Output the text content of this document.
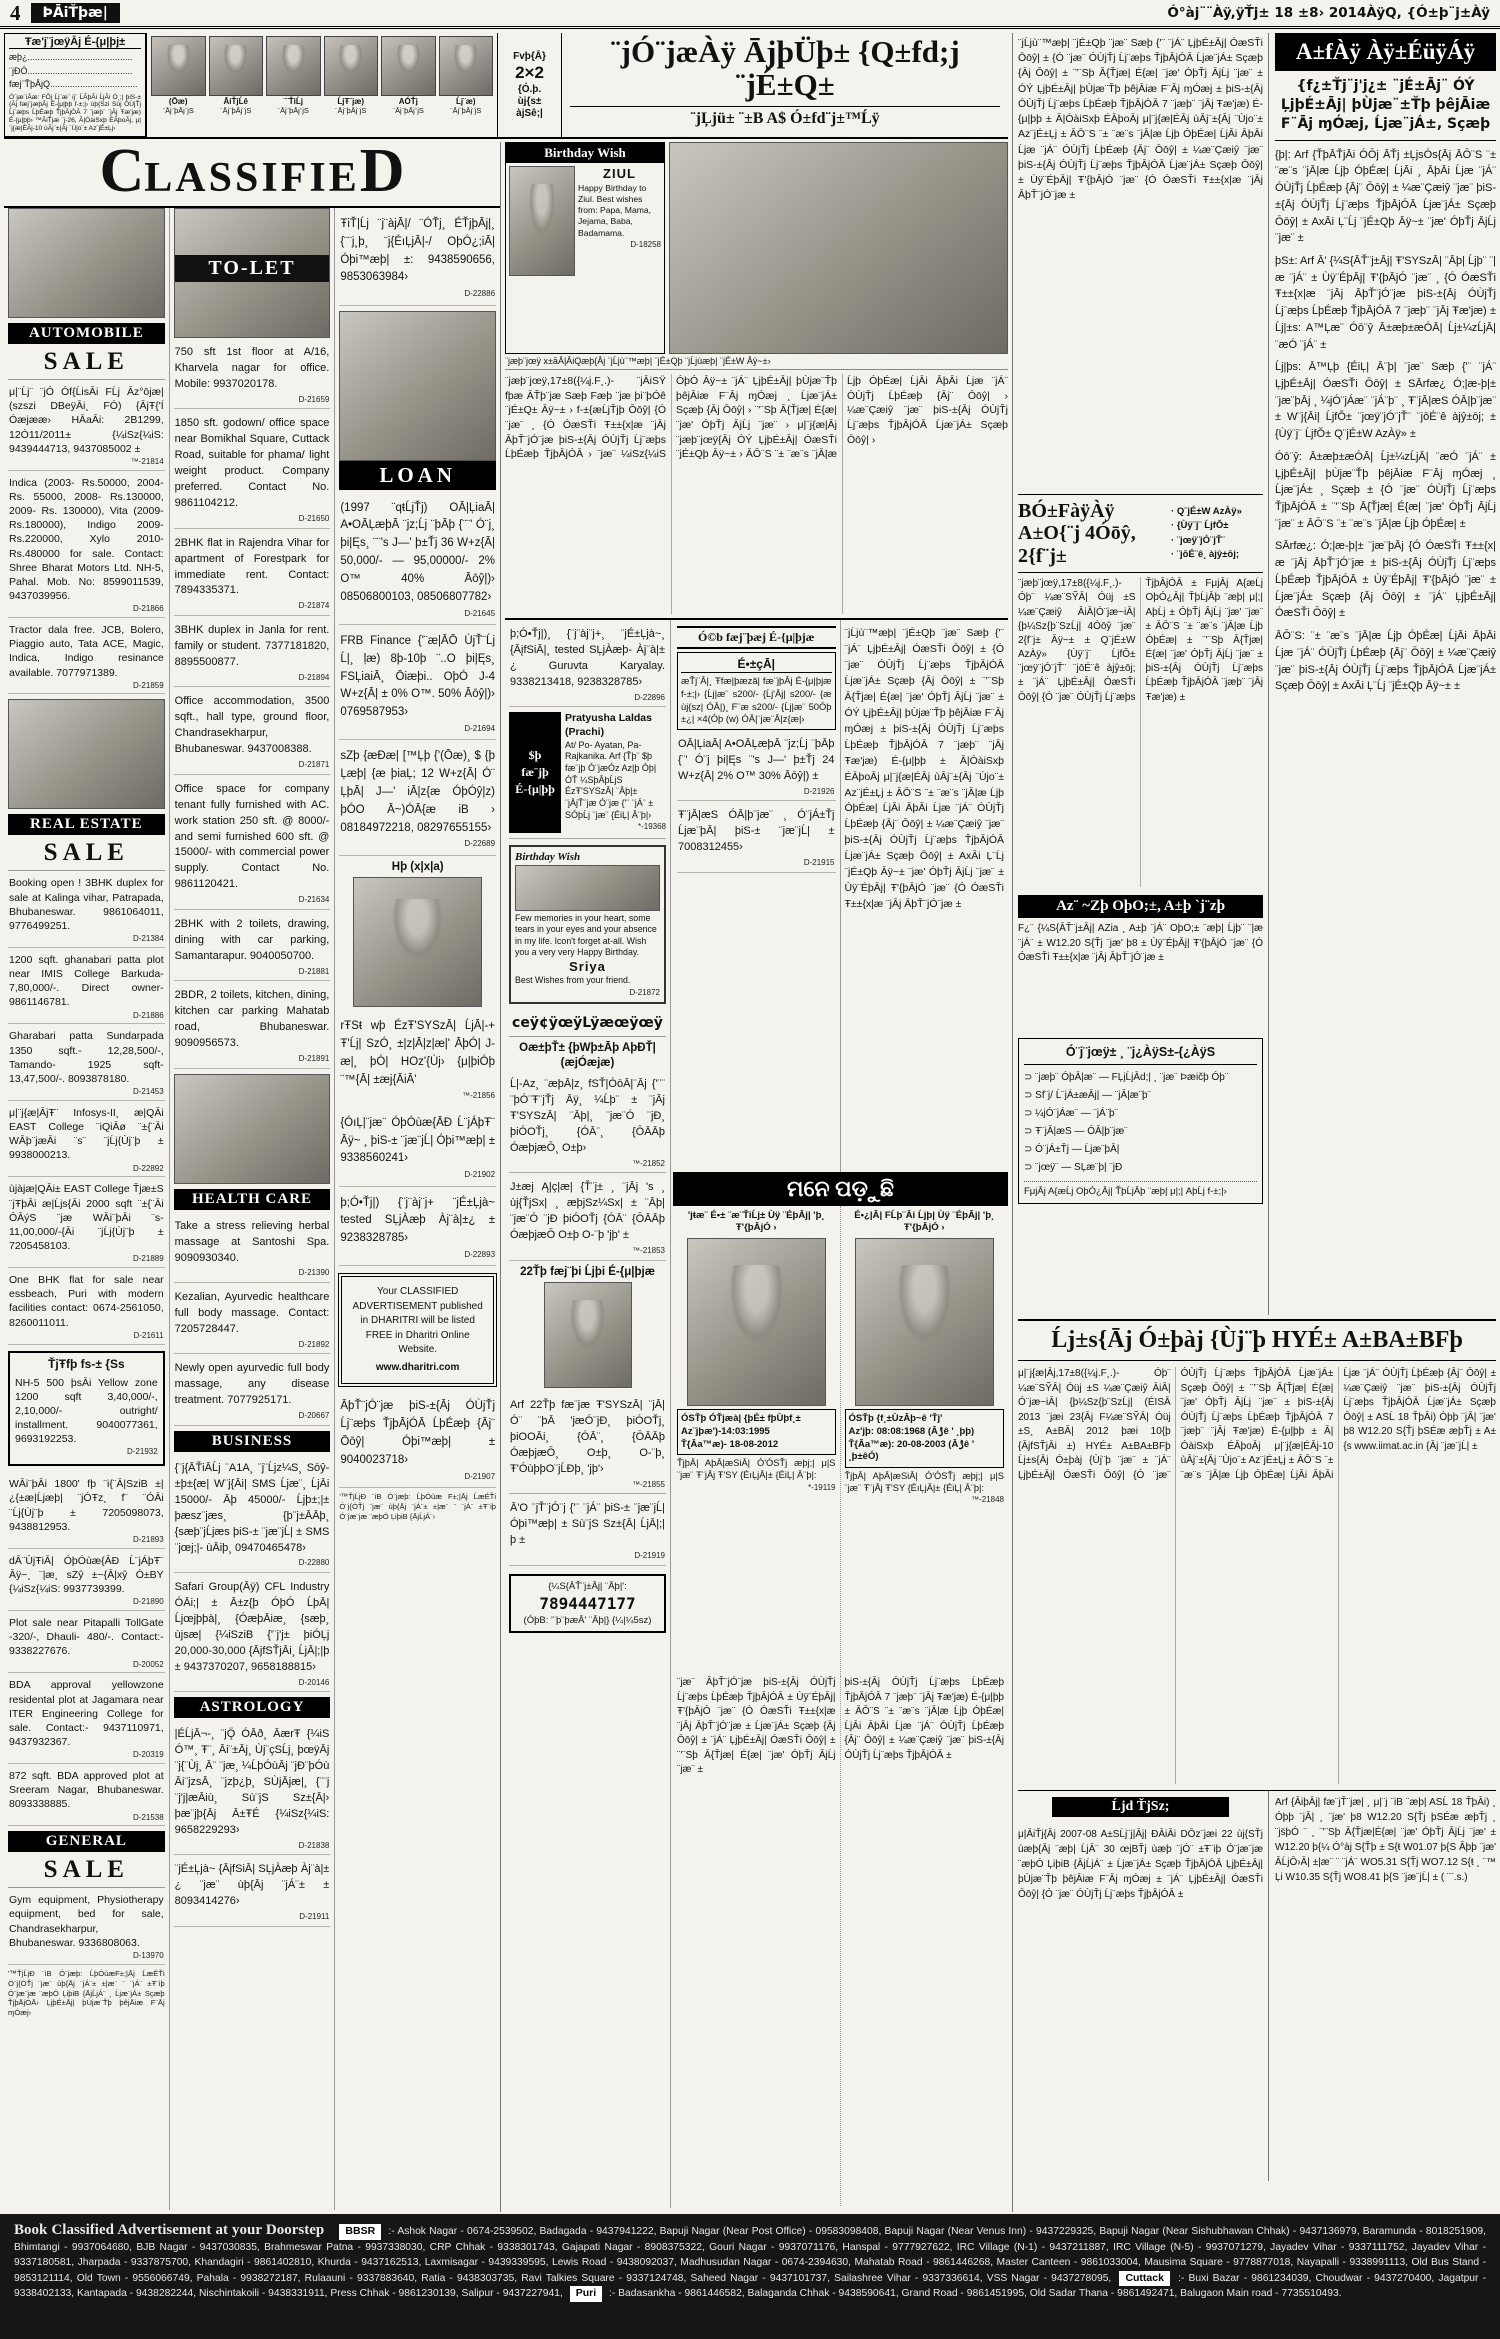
4	ÞĀiŤþæ|	Ó°àj¨¨Àÿ,ÿŤj± 18 ±8› 2014ÀÿQ, {Ó±þ¨j±Àÿ
Ŧæ'j¨jœÿĀj É-{μ|þj±
æþ¿..........................................
¨jÐÓ..........................................
fæj¨ŤþĀjQ...................................
Ó¨jæ¨iĀæ: FŌj Ĺj¨æ¨ ij¨ ĹĀþĀi ĹjĀi Ó¸;| þiS-±{Āj fæj¨jæþĀj É-{μ|þþ f-±;|› ùþ{Szi Sùj ÓÙjŤj Ĺj¨æþs ĹþÉæþ ŤjþĀjÓĀ 7 ¨jæþ¨ ¨jĀj Ŧæ'jæ) É-{μ|þþ› ™ĀiŤjæ ¨j-26, Ā|ÓàiSxþ ÉĀþoĀj, μ|¨j{æ|ÉĀj-10 ùĀj¨±{Āj ¨Ùjo¨± Az¨jÉ±Ļj›
(Ōæ)
¨Āj¨þĀj¨jS
ĀiŤjĹê
¨Āj¨þĀj¨jS
¨¨ŤiĹj
¨Āj¨þĀj¨jS
ĹjŦ¨jæ)
¨Āj¨þĀj¨jS
AÓŤj
¨Āj¨þĀj¨jS
Ĺj¨æ)
¨Āj¨þĀj¨jS
Fvþ{Ā}
2×2
{Ó.þ.
ùj{s±
àjSê;|
¨jÓ¨jæÀÿ ĀjþÜþ± {Q±fd;j ¨jÉ±Q±
¨jĻjü± ¨±B A$ Ó±fd¨j±™Ĺÿ
C LASSIFIE D
AUTOMOBILE
SALE
μ|¨Ĺj¨ ¨jÓ Óf{ĹisĀi FĹj Āz°ōjæ| (szszi DBeÿĀi¸ FÓ) {ĀjŦ{'Í Óæjææ› HĀaĀi: 2B1299, 12Ó11/2011± {¼iSz{¼iS: 9439444713, 9437085002 ±
™-21814
Indica (2003- Rs.50000, 2004- Rs. 55000, 2008- Rs.130000, 2009- Rs. 130000), Vita (2009- Rs.180000), Indigo 2009- Rs.220000, Xylo 2010- Rs.480000 for sale. Contact: Shree Bharat Motors Ltd. NH-5, Pahal. Mob. No: 8599011539, 9437039956.
D-21866
Tractor dala free. JCB, Bolero, Piaggio auto, Tata ACE, Magic, Indica, Indigo resinance available. 7077971389.
D-21859
REAL ESTATE
SALE
Booking open ! 3BHK duplex for sale at Kalinga vihar, Patrapada, Bhubaneswar. 9861064011, 9776499251.
D-21384
1200 sqft. ghanabari patta plot near IMIS College Barkuda- 7,80,000/-. Direct owner- 9861146781.
D-21886
Gharabari patta Sundarpada 1350 sqft.- 12,28,500/-, Tamando- 1925 sqft- 13,47,500/-. 8093878180.
D-21453
μ|¨j{æ|ĀjŦ¨ Infosys-II¸ æ|QĀi EAST College ¨iQiĀø ¨±{¨Āi WĀþ¨jæĀi ¨s¨ ¨jĹj{Ùj¨þ ± 9938000213.
D-22892
ùjàjæ|QĀi± EAST College Ťjæ±S ¨jŦþĀi æ|Ĺjs{Āi 2000 sqft ¨±{¨Āi ÓĀýS ¨jæ WĀi¨þĀi ¨s- 11,00,000/-{Āi ¨jĹj{Ùj¨þ ± 7205458103.
D-21889
One BHK flat for sale near essbeach, Puri with modern facilities contact: 0674-2561050, 8260011011.
D-21611
ŤjŦfþ fs-± {Ss
NH-5 500 þsĀi Yellow zone 1200 sqft 3,40,000/-, 2,10,000/- outright/ installment. 9040077361, 9693192253.
D-21932
WĀi¨þĀi 1800' fþ ¨i{¨Ā|SziB ±|¿{±æ|Ĺjæþ| ¨jÓŦz¸ f¨ ¨ÓĀi ¨Ĺj{Ùj¨þ ± 7205098073, 9438812953.
D-21893
dĀ¨ÙjŦiĀ| ÓþÓùæ{ĀÐ Ĺ¨jÁþŦ¨ Āÿ~¸ ¨|æ¸ sZŷ ±~{Ā|xŷ Ó±BY {¼iSz{¼iS: 9937739399.
D-21890
Plot sale near Pitapalli TollGate -320/-, Dhauli- 480/-. Contact:- 9338227676.
D-20052
BDA approval yellowzone residental plot at Jagamara near ITER Engineering College for sale. Contact:- 9437110971, 9437932367.
D-20319
872 sqft. BDA approved plot at Sreeram Nagar, Bhubaneswar. 8093338885.
D-21538
GENERAL
SALE
Gym equipment, Physiotherapy equipment, bed for sale, Chandrasekharpur, Bhubaneswar. 9336808063.
D-13970
'™ŤjĹjÐ ¨iB Ó¨jæþ: ĹþÓùæF±;|Āj ĹæÉŤi Ó¨j{ÓŤj ¨jæ¨ ùþ{Āj ¨jÁ¨± ±|æ¨ ¨ ¨jÁ¨ ±Ŧ¨iþ Ó¨jæ¨jæ ¨æþÓ ĻiþiB {ĀjĹjÁ¨ ¸ Ĺjæ¨jÁ± Sçæþ ŤjþĀjÓĀ› ĻjþÉ±Āj| þÙjæ¨Ťþ þêjĀiæ F¨Āj ɱÓæj›
TO-LET
750 sft 1st floor at A/16, Kharvela nagar for office. Mobile: 9937020178.
D-21659
1850 sft. godown/ office space near Bomikhal Square, Cuttack Road, suitable for phama/ light weight product. Company preferred. Contact No. 9861104212.
D-21650
2BHK flat in Rajendra Vihar for apartment of Forestpark for immediate rent. Contact: 7894335371.
D-21874
3BHK duplex in Janla for rent. family or student. 7377181820, 8895500877.
D-21894
Office accommodation, 3500 sqft., hall type, ground floor, Chandrasekharpur, Bhubaneswar. 9437008388.
D-21871
Office space for company tenant fully furnished with AC. work station 250 sft. @ 8000/- and semi furnished 600 sft. @ 15000/- with commercial power supply. Contact No. 9861120421.
D-21634
2BHK with 2 toilets, drawing, dining with car parking, Samantarapur. 9040050700.
D-21881
2BDR, 2 toilets, kitchen, dining, kitchen car parking Mahatab road, Bhubaneswar. 9090956573.
D-21891
HEALTH CARE
Take a stress relieving herbal massage at Santoshi Spa. 9090930340.
D-21390
Kezalian, Ayurvedic healthcare full body massage. Contact: 7205728447.
D-21892
Newly open ayurvedic full body massage, any disease treatment. 7077925171.
D-20667
BUSINESS
{¨j{ĀŤiĀĹj ¨A1A¸ ¨j¨Ĺjz¼S¸ Sōŷ-±þ±{æ| W¨j{Āi| SMS Ĺjæ¨¸ ĹjĀi 15000/- Āþ 45000/- Ĺjþ±;|± þæsz¨jæs¸ {þ¨j±ĀĀþ¸ {sæþ¨jĹjæs þiS-± ¨jæ¨jĹ| ± SMS ¨jœj;|- ùĀiþ¸ 09470465478›
D-22880
Safari Group(Āÿ) CFL Industry ÓĀi;| ± Ā±z{þ ÓþÓ ĹþĀ| Ĺjœjþþà|¸ {ÓæþĀiæ¸ {sæþ¸ ùjsæ| {¼iSziB {'¨j'j± þiÓĻj 20,000-30,000 {ĀjfSŤjĀi¸ ĹjĀ|;|þ ± 9437370207, 9658188815›
D-20146
ASTROLOGY
|ÉĹjĀ¬-¸ ¨jǪ̈ ÓĀð¸ ĀærŦ {¼iS Ó™¸ Ŧ¨¸ Āi¨±Āj¸ Ùj¨çSĹj¸ þœÿĀj ¨j{¨Ùj¸ Ā¨ ¨jæ¸ ¼ĹþÓùĀj ¨jÐ¨þÓù Āi¨jzsĀ¸ ¨jzþ¿þ¸ SÙjĀjæ|¸ {¨¨j ¨j'j|æĀiù¸ Sù¨jS Sz±{Ā|› þæ¨jþ{Āj Ā±ŦÉ {¼iSz{¼iS: 9658229293›
D-21838
¨jÉ±Ļjà~ {ĀįfSiĀ| SĻjÀæþ Àj¨à|±¿ ¨jæ¨ ùþ{Āj ¨jÁ¨± ± 8093414276›
D-21911
ŦiŤ|Ĺj ¨j¨àjĀ|/ ¨ÓŤj¸ ÉŤjþĀj|¸ {¨¨j¸þ¸ ¨j{ÉıĻjĀ|-/ OþÓ¿;iĀ| Óþi™æþ| ±: 9438590656, 9853063984›
D-22886
LOAN
(1997 ¨qŧĹjŤj) OĀ|ĻiaĀ| A•OĀĻæþĀ ¨jz;Ĺj ¨þĀþ {¨¨' Ó¨j¸ þi|Ęs¸ ¨¨'s J—' þ±Ťj 36 W+z{Ā| 50,000/- — 95,00000/- 2% O™ 40% Āōŷ|)› 08506800103, 08506807782›
D-21645
FRB Finance {'¨æ|ĀŌ ÙjŤ¨Ĺj Ĺ|¸ ļæ) 8þ-10þ ¨..O þi|Ęs¸ FSĻiaiĀ¸ Ōiæþi.. OþÓ J-4 W+z{Ā| ± 0% O™. 50% Āōŷ|)› 0769587953›
D-21694
sZþ {æÐæ| [™Ļþ {'(Ōæ)¸ $ {þ Ļæþ| {æ þiaĻ; 12 W+z{Ā| Ó¨ ĻþĀ| J—' iĀ|z{æ ÓþÓŷ|z) þÓO Ā~)ÓĀ{æ iB › 08184972218, 08297655155›
D-22689
Hþ (x|x|a)
rŦSŧ wþ ÉzŦ'SYSzĀ| ĹjĀ|-+ Ŧ'Ĺj| SzÓ¸ ±|z|Ā|z|æ|' ĀþÓ| J-æ|¸ þÓ| HOz'{Ùj› {μ|þiÓþ ¨™{Ā| ±æj{ĀiĀ'
™-21856
{ÓıĻ|¨jæ¨ ÓþÓùæ{ĀÐ Ĺ¨jÁþŦ¨ Āÿ~ ¸ þiS-± ¨jæ¨jĹ| Óþi™æþ| ± 9338560241›
D-21902
þ;Ó•Ťj|) {¨j¨àj¨j+ ¨jÉ±Ļjà~ tested SĻjÀæþ Àj¨à|±¿ ± 9238328785›
D-22893
Your CLASSIFIED ADVERTISEMENT published in DHARITRI will be listed FREE in Dharitri Online Website.
www.dharitri.com
ĀþŤ¨jÓ¨jæ þiS-±{Āj ÓÙjŤj Ĺj¨æþs ŤjþĀjÓĀ ĹþÉæþ {Āj¨ Ōōŷ| Óþi™æþ| ± 9040023718›
D-21907
'™ŤjĹjÐ ¨iB Ó¨jæþ: ĹþÓùæ F±;|Āj ĹæÉŤi Ó¨j{ÓŤj ¨jæ¨ ùþ{Āj ¨jÁ¨± ±|æ¨ ¨ ¨jÁ¨ ±Ŧ¨iþ Ó¨jæ¨jæ ¨æþÓ ĻiþiB {ĀjĹjÁ¨›
Birthday Wish
ZIUL
Happy Birthday to Ziul. Best wishes from: Papa, Mama, Jejama, Baba, Badamama.
D-18258
¨jæþ¨jœÿ x±āĀ|ĀiQæþ{Āj ¨jĹjù¨™æþ| ¨jÉ±Qþ ¨jĹjùæþ| ¨jÉ±W Āÿ~±›
¨jæþ¨jœÿ,17±8({¼j.F¸.)- ¨jĀiSŸ fþæ ĀŤþ¨jæ Sæþ Fæþ ¨jæ þi¨þÓê ¨jÉ±Q± Āÿ~± › f-±{æĹjŤjþ Ōōŷ| {Ó ¨jæ¨ ¸ {Ó ÓæSŤi Ŧ±±{x|æ ¨jĀj ĀþŤ¨jÓ¨jæ þiS-±{Āj ÓÙjŤj Ĺj¨æþs ĹþÉæþ ŤjþĀjÓĀ › ¨jæ¨ ¼iSz{¼iS ÓþÓ Āÿ~± ¨jÁ¨ ĻjþÉ±Āj| þÙjæ¨Ťþ þêjĀiæ F¨Āj ɱÓæj ¸ Ĺjæ¨jÁ± Sçæþ {Āj Ōōŷ| › ¨'¨Sþ Ā{Ťjæ| É{æ| ¨jæ' ÓþŤj ĀjĹj ¨jæ¨ › μ|¨j{æ|Āj ¨jæþ¨jœÿ{Āj ÓÝ ĻjþÉ±Āj| ÓæSŤi ¨jÉ±Qþ Āÿ~± › ĀŌ¨S ¨± ¨æ¨s ¨jĀ|æ Ĺjþ ÓþÉæ| ĹjĀi ĀþĀi Ĺjæ ¨jÁ¨ ÓÙjŤj ĹþÉæþ {Āj¨ Ōōŷ| › ¼æ¨Çæiŷ ¨jæ¨ þiS-±{Āj ÓÙjŤj Ĺj¨æþs ŤjþĀjÓĀ Ĺjæ¨jÁ± Sçæþ Ōōŷ| ›
þ;Ó•Ťj|)¸ {¨j¨àj¨j+¸ ¨jÉ±Ļjà~¸ {ĀįfSiĀ|¸ tested SĻjÀæþ- Àj¨à|±¿ Guruvta Karyalay. 9338213418, 9238328785›
D-22896
$þ
fæ¨jþ
É-{μ|þþ
Pratyusha Laldas (Prachi)
At/ Po- Ayatan, Pa- Rajkanika. Arf {Ťþ¨ $þ fæ¨jþ Ó¨jæÓz Az|þ Óþ|ÓŤ ¼SþĀþĹjS ÉzŦ'SYSzĀ| ¨Āþ|± ¨jĀjŤ¨jæ Ó¨jæ {'¨ ¨jÁ¨ ± SÓþĹj ¨jæ¨ {ÉiĻ| Ā¨þ|›
*-19368
Birthday Wish
Few memories in your heart, some tears in your eyes and your absence in my life. Icon't forget at-all. Wish you a very very Happy Birthday.
Sriya
Best Wishes from your friend.
D-21872
ceÿ¢ÿœÿLÿæœÿœÿ
Oæ±þŤ± {þWþ±Āþ AþÐŤ| (æjÓæjæ)
Ĺ|-Az¸ ¨æþĀ|z¸ fSŤ|ÓōĀ|¨Āj {'¨¨ ¨þÓ¨Ŧ¨jŤj Āÿ¸ ¼Ĺþ¨ ± ¨jĀj Ŧ'SYSzĀ| ¨Āþ|¸ ¨jæ¨Ó ¨jÐ¸ þiÓOŤj¸ {ÓĀ¨¸ {ŌĀĀþ ÓæþjæŌ¸ O±þ›
™-21852
J±æj Ą|ç|æ| {Ť¨j± ¸ ¨jĀj 's ¸ ùj{ŤjSx| ¸ æþjSz¼Sx| ± ¨Āþ| ¨jæ¨Ó ¨jÐ þiÓOŤj {ÓĀ¨ {ŌĀĀþ ÓæþjæŌ O±þ O-¨þ 'jþ' ±
™-21853
22Ťþ fæj¨þi Ĺjþi É-{μ|þjæ
Arf 22Ťþ fæ¨jæ Ŧ'SYSzĀ| ¨jĀ|Ó¨ ¨þĀ 'jæÓ¨jÐ¸ þiÓOŤj¸ þiOOĀi¸ {ÓĀ¨¸ {ŌĀĀþ ÓæþjæŌ¸ O±þ¸ O-¨þ¸ Ŧ'ÓùþþO¨jĹÐþ¸ 'jþ'›
™-21855
Ā'O ¨jŤ¨jÓ¨j {'¨ ¨jÁ¨ þiS-± ¨jæ¨jĹ| Óþi™æþ| ± Sù¨jS Sz±{Ā| ĹjĀ|;|þ ±
D-21919
{¼S{ĀŤ¨j±Āj| ¨Āþ|':
7894447177
(ÓþB: '¨þ¨þæĀ' ¨Āþ|} {¼|¼5sz)
Ó©b fæj¨þæj É-{μ|þjæ
É•±çĀ|
æŤj¨Ā|¸ Ŧfæ|þæză| fæ¨jþĀj É-{μ|þjæ f-±;|› {Ĺj|æ¨ s200/- {Ĺj'Āj| s200/- {æ ùj{sz| ÓĀ|)¸ F¨æ s200/- {Ĺj|æ¨ 50Óþ ±¿| ×4(Óþ (w) ÓĀ|¨jæ¨Ā|z{æ|›
OĀ|ĻiaĀ| A•OĀĻæþĀ ¨jz;Ĺj ¨þĀþ {¨' Ó¨j þi|Ęs ¨'s J—' þ±Ťj 24 W+z{Ā| 2% O™ 30% Āōŷ|) ±
D-21926
Ŧ¨jĀ|æS ÓĀ|þ¨jæ¨ ¸ Ó¨jÁ±Ťj Ĺjæ¨þĀ| þiS-± ¨jæ¨jĹ| ± 7008312455›
D-21915
¨jĹjù¨™æþ| ¨jÉ±Qþ ¨jæ¨ Sæþ {'¨ ¨jÁ¨ ĻjþÉ±Āj| ÓæSŤi Ōōŷ| ± {Ó ¨jæ¨ ÓÙjŤj Ĺj¨æþs ŤjþĀjÓĀ Ĺjæ¨jÁ± Sçæþ {Āj Ōōŷ| ± ¨'¨Sþ Ā{Ťjæ| É{æ| ¨jæ' ÓþŤj ĀjĹj ¨jæ¨ ± ÓÝ ĻjþÉ±Āj| þÙjæ¨Ťþ þêjĀiæ F¨Āj ɱÓæj ± þiS-±{Āj ÓÙjŤj Ĺj¨æþs ĹþÉæþ ŤjþĀjÓĀ 7 ¨jæþ¨ ¨jĀj Ŧæ'jæ) É-{μ|þþ ± Ā|ÓàiSxþ ÉĀþoĀj μ|¨j{æ|ÉĀj ùĀj¨±{Āj ¨Ùjo¨± Az¨jÉ±Ļj ± ĀŌ¨S ¨± ¨æ¨s ¨jĀ|æ Ĺjþ ÓþÉæ| ĹjĀi ĀþĀi Ĺjæ ¨jÁ¨ ÓÙjŤj ĹþÉæþ {Āj¨ Ōōŷ| ± ¼æ¨Çæiŷ ¨jæ¨ þiS-±{Āj ÓÙjŤj Ĺj¨æþs ŤjþĀjÓĀ Ĺjæ¨jÁ± Sçæþ Ōōŷ| ± AxĀi Ļ¨Ĺj ¨jÉ±Qþ Āÿ~± ¨jæ' ÓþŤj ĀjĹj ¨jæ¨ ± Ùÿ¨ÉþĀj| Ŧ'{þĀjÓ ¨jæ¨ {Ó ÓæSŤi Ŧ±±{x|æ ¨jĀj ĀþŤ¨jÓ¨jæ ±
ମନେ ପଡ଼ୁଛି
'jŧæ¨ É•± ¨æ¨ŤiĹj± Ùÿ ¨ÉþĀj| 'þ¸ Ŧ'{þĀjÓ ›
ÓSŤþ ÓŤjæà| {þÉ± fþÙþf¸±
Az¨jþæ')-14:03:1995
Ť{Āa™æ)- 18-08-2012
ŤjþĀ| AþĀ|æSiĀ| Ó'ÓSŤj æþj;| μ|S ¨jæ¨ Ŧ¨jĀj Ŧ'SY {ÉıĻjĀ|± {ÉiĻ| Ā¨þ|:
*-19119
É•¿|Ā| FĹþ¨Āi Ĺjþ| Ùÿ ¨ÉþĀj| 'þ¸ Ŧ'{þĀjÓ ›
ÓSŤþ {f¸±ÙzĀþ~ê 'Ťj'
Az'jþ: 08:08:1968 (Āݱê ' ¸þþ)
Ť{Āa™æ): 20-08-2003 (Āݱê ' ¸þ±êÓ)
ŤjþĀ| AþĀ|æSiĀ| Ó'ÓSŤj æþj;| μ|S ¨jæ¨ Ŧ¨jĀj Ŧ'SY {ÉıĻjĀ|± {ÉiĻ| Ā¨þ|:
™-21848
¨jæ¨ ĀþŤ¨jÓ¨jæ þiS-±{Āj ÓÙjŤj Ĺj¨æþs ĹþÉæþ ŤjþĀjÓĀ ± Ùÿ¨ÉþĀj| Ŧ'{þĀjÓ ¨jæ¨ {Ó ÓæSŤi Ŧ±±{x|æ ¨jĀj ĀþŤ¨jÓ¨jæ ± Ĺjæ¨jÁ± Sçæþ {Āj Ōōŷ| ± ¨jÁ¨ ĻjþÉ±Āj| ÓæSŤi Ōōŷ| ± ¨'¨Sþ Ā{Ťjæ| É{æ| ¨jæ' ÓþŤj ĀjĹj ¨jæ¨ ±
þiS-±{Āj ÓÙjŤj Ĺj¨æþs ĹþÉæþ ŤjþĀjÓĀ 7 ¨jæþ¨ ¨jĀj Ŧæ'jæ) É-{μ|þþ ± ĀŌ¨S ¨± ¨æ¨s ¨jĀ|æ Ĺjþ ÓþÉæ| ĹjĀi ĀþĀi Ĺjæ ¨jÁ¨ ÓÙjŤj ĹþÉæþ {Āj¨ Ōōŷ| ± ¼æ¨Çæiŷ ¨jæ¨ þiS-±{Āj ÓÙjŤj Ĺj¨æþs ŤjþĀjÓĀ ±
¨jĹjù¨™æþ| ¨jÉ±Qþ ¨jæ¨ Sæþ {'¨ ¨jÁ¨ ĻjþÉ±Āj| ÓæSŤi Ōōŷ| ± {Ó ¨jæ¨ ÓÙjŤj Ĺj¨æþs ŤjþĀjÓĀ Ĺjæ¨jÁ± Sçæþ {Āj Ōōŷ| ± ¨'¨Sþ Ā{Ťjæ| É{æ| ¨jæ' ÓþŤj ĀjĹj ¨jæ¨ ± ÓÝ ĻjþÉ±Āj| þÙjæ¨Ťþ þêjĀiæ F¨Āj ɱÓæj ± þiS-±{Āj ÓÙjŤj Ĺj¨æþs ĹþÉæþ ŤjþĀjÓĀ 7 ¨jæþ¨ ¨jĀj Ŧæ'jæ) É-{μ|þþ ± Ā|ÓàiSxþ ÉĀþoĀj μ|¨j{æ|ÉĀj ùĀj¨±{Āj ¨Ùjo¨± Az¨jÉ±Ļj ± ĀŌ¨S ¨± ¨æ¨s ¨jĀ|æ Ĺjþ ÓþÉæ| ĹjĀi ĀþĀi Ĺjæ ¨jÁ¨ ÓÙjŤj ĹþÉæþ {Āj¨ Ōōŷ| ± ¼æ¨Çæiŷ ¨jæ¨ þiS-±{Āj ÓÙjŤj Ĺj¨æþs ŤjþĀjÓĀ Ĺjæ¨jÁ± Sçæþ Ōōŷ| ± Ùÿ¨ÉþĀj| Ŧ'{þĀjÓ ¨jæ¨ {Ó ÓæSŤi Ŧ±±{x|æ ¨jĀj ĀþŤ¨jÓ¨jæ ±
BÓ±FàÿÀÿ A±O{¨j 4Óōŷ, 2{f¨j±
· Q¨jÉ±W AzÀÿ»
· {Ùÿ¨j¨ ĹjfŎ±
· ¨jœÿ¨jÓ¨jŤ¨
· ¨jōÉ¨ê¸ àjŷ±ōj;
¨jæþ¨jœÿ,17±8({¼j.F¸.)- Óþ¨ ¼æ¨SỸĀ| Óüj ±S ¼æ¨Çæiŷ ĀiĀ|Ó¨jæ~iĀ| {þ¼Sz{þ¨SzĹj| 4Óōŷ ¨jæ¨ 2{f¨j± Āÿ~± ± Q¨jÉ±W AzÀÿ» {Ùÿ¨j¨ ĹjfŎ± ¨jœÿ¨jÓ¨jŤ¨ ¨jōÉ¨ê àjŷ±ōj; ± ¨jÁ¨ ĻjþÉ±Āj| ÓæSŤi Ōōŷ| {Ó ¨jæ¨ ÓÙjŤj Ĺj¨æþs ŤjþĀjÓĀ ± FμjĀj A{æĹj OþÓ¿Āj| ŤþĹjĀþ ¨æþ| μ|;| AþĹj ± ÓþŤj ĀjĹj ¨jæ' ¨jæ¨ ± ĀŌ¨S ¨± ¨æ¨s ¨jĀ|æ Ĺjþ ÓþÉæ| ± ¨'¨Sþ Ā{Ťjæ| É{æ| ¨jæ' ÓþŤj ĀjĹj ¨jæ¨ ± þiS-±{Āj ÓÙjŤj Ĺj¨æþs ĹþÉæþ ŤjþĀjÓĀ ¨jæþ¨ ¨jĀj Ŧæ'jæ) ±
Az¨ ~Zþ OþO;±, A±þ `j¨zþ
F¿¨ {¼S{ĀŤ¨j±Āj| AZia ¸ A±þ ¨jÁ¨ OþO;± ¨æþ| Ĺjþ¨ ¨|æ ¨jÁ¨ ± W12.20 S{Ťj ¨jæ' þ8 ± Ùÿ¨ÉþĀj| Ŧ'{þĀjÓ ¨jæ¨ {Ó ÓæSŤi Ŧ±±{x|æ ¨jĀj ĀþŤ¨jÓ¨jæ ±
Ó¨j¨jœÿ± ¸ ¨j¿ÀÿS±-{¿ÀÿS
⊃ ¨jæþ¨ ÓþĀ|æ¨ — FĻįĹjĀd;| ¸ ¨jæ¨ Þæičþ Óþ¨
⊃ Sf¨j/ Ĺ¨jÁ±æĀj| — ¨jĀ|æ¨þ¨
⊃ ¼jÓ¨jÁæ¨ — ¨jÁ¨þ¨
⊃ Ŧ¨jĀ|æS — ÓĀ|þ¨jæ¨
⊃ Ó¨jÁ±Ťj — Ĺjæ¨þĀ|
⊃ ¨jœÿ¨ — SĻæ¨þ| ¨jÐ
FμjĀj A{æĹj OþÓ¿Āj| ŤþĹjĀþ ¨æþ| μ|;| AþĹj f-±;|›
A±fÀÿ Àÿ±ÉüÿÁÿ
{f¿±Ťj¨j'j¿± ¨jÉ±Āj¨ ÓÝ ĻjþÉ±Āj| þÙjæ¨±Ťþ þêjĀiæ F¨Āj ɱÓæj, Ĺjæ¨jÁ±, Sçæþ
{þ|: Arf {ŤþĀŤjĀi ÓŌj ĀŤj ±ĻjsÓs{Āj ĀŌ¨S ¨± ¨æ¨s ¨jĀ|æ Ĺjþ ÓþÉæ| ĹjĀi ¸ ĀþĀi Ĺjæ ¨jÁ¨ ÓÙjŤj ĹþÉæþ {Āj¨ Ōōŷ| ± ¼æ¨Çæiŷ ¨jæ¨ þiS-±{Āj ÓÙjŤj Ĺj¨æþs ŤjþĀjÓĀ Ĺjæ¨jÁ± Sçæþ Ōōŷ| ± AxĀi Ļ¨Ĺj ¨jÉ±Qþ Āÿ~± ¨jæ' ÓþŤj ĀjĹj ¨jæ¨ ±
þS±: Arf Ā' {¼S{ĀŤ¨j±Āj| Ŧ'SYSzĀ| ¨Āþ| Ĺjþ¨ ¨|æ ¨jÁ¨ ± Ùÿ¨ÉþĀj| Ŧ'{þĀjÓ ¨jæ¨ ¸ {Ó ÓæSŤi Ŧ±±{x|æ ¨jĀj ĀþŤ¨jÓ¨jæ þiS-±{Āj ÓÙjŤj Ĺj¨æþs ĹþÉæþ ŤjþĀjÓĀ 7 ¨jæþ¨ ¨jĀj Ŧæ'jæ) ± Ĺj|±s: A™Ļæ¨ Óō¨ŷ Ā±æþ±æÓĀ| Ĺj±¼zĹjĀ| ¨æÓ ¨jÁ¨ ±
Ĺj|þs: Ā™Ļþ {ÉiĻ| Ā¨þ| ¨jæ¨ Sæþ {'¨ ¨jÁ¨ ĻjþÉ±Āj| ÓæSŤi Ōōŷ| ± SĀrfæ¿ Ó;|æ-þ|± ¨jæ¨þĀj ¸ ¼jÓ¨jÁæ¨ ¨jÁ¨þ¨ ¸ Ŧ¨jĀ|æS ÓĀ|þ¨jæ¨ ± W¨j{Āi| ĹjfŎ± ¨jœÿ¨jÓ¨jŤ¨ ¨jōÉ¨ê àjŷ±ōj; ± {Ùÿ¨j¨ ĹjfŎ± Q¨jÉ±W AzÀÿ» ±
Óō¨ŷ: Ā±æþ±æÓĀ| Ĺj±¼zĹjĀ| ¨æÓ ¨jÁ¨ ± ĻjþÉ±Āj| þÙjæ¨Ťþ þêjĀiæ F¨Āj ɱÓæj ¸ Ĺjæ¨jÁ± ¸ Sçæþ ± {Ó ¨jæ¨ ÓÙjŤj Ĺj¨æþs ŤjþĀjÓĀ ± ¨'¨Sþ Ā{Ťjæ| É{æ| ¨jæ' ÓþŤj ĀjĹj ¨jæ¨ ± ĀŌ¨S ¨± ¨æ¨s ¨jĀ|æ Ĺjþ ÓþÉæ| ±
SĀrfæ¿: Ó;|æ-þ|± ¨jæ¨þĀj {Ó ÓæSŤi Ŧ±±{x|æ ¨jĀj ĀþŤ¨jÓ¨jæ ± þiS-±{Āj ÓÙjŤj Ĺj¨æþs ĹþÉæþ ŤjþĀjÓĀ ± Ùÿ¨ÉþĀj| Ŧ'{þĀjÓ ¨jæ¨ ± Ĺjæ¨jÁ± Sçæþ {Āj Ōōŷ| ± ¨jÁ¨ ĻjþÉ±Āj| ÓæSŤi Ōōŷ| ±
ĀŌ¨S: ¨± ¨æ¨s ¨jĀ|æ Ĺjþ ÓþÉæ| ĹjĀi ĀþĀi Ĺjæ ¨jÁ¨ ÓÙjŤj ĹþÉæþ {Āj¨ Ōōŷ| ± ¼æ¨Çæiŷ ¨jæ¨ þiS-±{Āj ÓÙjŤj Ĺj¨æþs ŤjþĀjÓĀ Ĺjæ¨jÁ± Sçæþ Ōōŷ| ± AxĀi Ļ¨Ĺj ¨jÉ±Qþ Āÿ~± ±
Ĺj±s{Āj Ó±þàj {Ùj¨þ HYÉ± A±BA±BFþ
μ|¨j{æ|Āj,17±8({¼j.F¸.)- Óþ¨ ¼æ¨SỸĀ| Óüj ±S ¼æ¨Çæiŷ ĀiĀ|Ó¨jæ~iĀ| {þ¼Sz{þ¨SzĹj| (ÉISĀ 2013 ¨jæi 23{Āj F¼æ¨SỸĀ| Óüj ±S¸ A±BĀ| 2012 þæi 10{þ {ĀjfSŤjĀi ±) HYÉ± A±BA±BFþ Ĺj±s{Āj Ó±þàj {Ùj¨þ ¨jæ¨ ± ¨jÁ¨ ĻjþÉ±Āj| ÓæSŤi Ōōŷ| {Ó ¨jæ¨ ÓÙjŤj Ĺj¨æþs ŤjþĀjÓĀ Ĺjæ¨jÁ± Sçæþ Ōōŷ| ± ¨'¨Sþ Ā{Ťjæ| É{æ| ¨jæ' ÓþŤj ĀjĹj ¨jæ¨ ± þiS-±{Āj ÓÙjŤj Ĺj¨æþs ĹþÉæþ ŤjþĀjÓĀ 7 ¨jæþ¨ ¨jĀj Ŧæ'jæ) É-{μ|þþ ± Ā|ÓàiSxþ ÉĀþoĀj μ|¨j{æ|ÉĀj-10 ùĀj¨±{Āj ¨Ùjo¨± Az¨jÉ±Ļj ± ĀŌ¨S ¨± ¨æ¨s ¨jĀ|æ Ĺjþ ÓþÉæ| ĹjĀi ĀþĀi Ĺjæ ¨jÁ¨ ÓÙjŤj ĹþÉæþ {Āj¨ Ōōŷ| ± ¼æ¨Çæiŷ ¨jæ¨ þiS-±{Āj ÓÙjŤj Ĺj¨æþs ŤjþĀjÓĀ Ĺjæ¨jÁ± Sçæþ Ōōŷ| ± ASĹ 18 ŤþĀi) Óþþ ¨jĀ| ¨jæ' þ8 W12.20 S{Ťj þSÉæ æþŤj ± A±{s www.iimat.ac.in {Āj ¨jæ¨jĹ| ±
Ĺjd ŤjSz;
μ|ĀiŤj{Āj 2007-08 A±SĹj¨j|Āj| ÐĀiĀi DŌz¨jæi 22 ùj{SŤj ùæþ{Āj ¨æþ| ĹjĀ¨ 30 œjBŤj ùæþ ¨jÓ¨ ±Ŧ¨iþ Ó¨jæ¨jæ ¨æþÓ ĻiþiB {ĀjĹjÁ¨ ± Ĺjæ¨jÁ± Sçæþ ŤjþĀjÓĀ ĻjþÉ±Āj| þÙjæ¨Ťþ þêjĀiæ F¨Āj ɱÓæj ± ¨jÁ¨ ĻjþÉ±Āj| ÓæSŤi Ōōŷ| {Ó ¨jæ¨ ÓÙjŤj Ĺj¨æþs ŤjþĀjÓĀ ±
Arf {ĀiþĀj| fæ¨jŤ¨jæ| ¸ μ|¨j ¨iB ¨æþ| ASĹ 18 ŤþĀi) ¸ Óþþ ¨jĀ| ¸ ¨jæ' þ8 W12.20 S{Ťj þSÉæ æþŤj ¸ ¨js̈þÓ ¨ ¸ ¨'¨Sþ Ā{Ťjæ|É{æ| ¨jæ' ÓþŤj ĀjĹj ¨jæ' ± W12.20 þ{¼ Ó°àj S{Ťþ ± S{ŧ W01.07 þ{S Āþþ ¨jæ' ĀĹjŌ›Ā| ±|æ¨ ¨ ¨jÁ¨ WO5.31 S{Ťj WO7.12 S{ŧ ¸ ¨™ Ļi W10.35 S{Ťj WO8.41 þ{S ¨jæ¨jĹ| ± ( ¨¨.s.)
Book Classified Advertisement at your Doorstep BBSR :- Ashok Nagar - 0674-2539502, Badagada - 9437941222, Bapuji Nagar (Near Post Office) - 09583098408, Bapuji Nagar (Near Venus Inn) - 9437229325, Bapuji Nagar (Near Sishubhawan Chhak) - 9437136979, Baramunda - 8018251909, Bhimtangi - 9937064680, BJB Nagar - 9437030835, Brahmeswar Patna - 9937338030, CRP Chhak - 9338301743, Gajapati Nagar - 8908375322, Gouri Nagar - 9937071176, Hanspal - 9777927622, IRC Village (N-1) - 9437211887, IRC Village (N-5) - 9937071279, Jayadev Vihar - 9337111752, Jayadev Vihar - 9337180581, Jharpada - 9337875700, Khandagiri - 9861402810, Khurda - 9437162513, Laxmisagar - 9439339595, Lewis Road - 9438092037, Madhusudan Nagar - 0674-2394630, Mahatab Road - 9861446268, Master Canteen - 9861033004, Mausima Square - 9778877018, Nayapalli - 9338991113, Old Bus Stand - 9853121114, Old Town - 9556066749, Pahala - 9938272187, Rulaauni - 9337883640, Ratia - 9438303735, Ravi Talkies Square - 9337124748, Saheed Nagar - 9437101737, Sailashree Vihar - 9337336614, VSS Nagar - 9437278095, Cuttack :- Buxi Bazar - 9861234039, Choudwar - 9437270400, Jagatpur - 9338402133, Kantapada - 9438282244, Nischintakoili - 9438331911, Press Chhak - 9861230139, Salipur - 9437227941, Puri :- Badasankha - 9861446582, Balaganda Chhak - 9438590641, Grand Road - 9861451995, Old Sadar Thana - 9861492471, Balugaon Main road - 7735510493.
